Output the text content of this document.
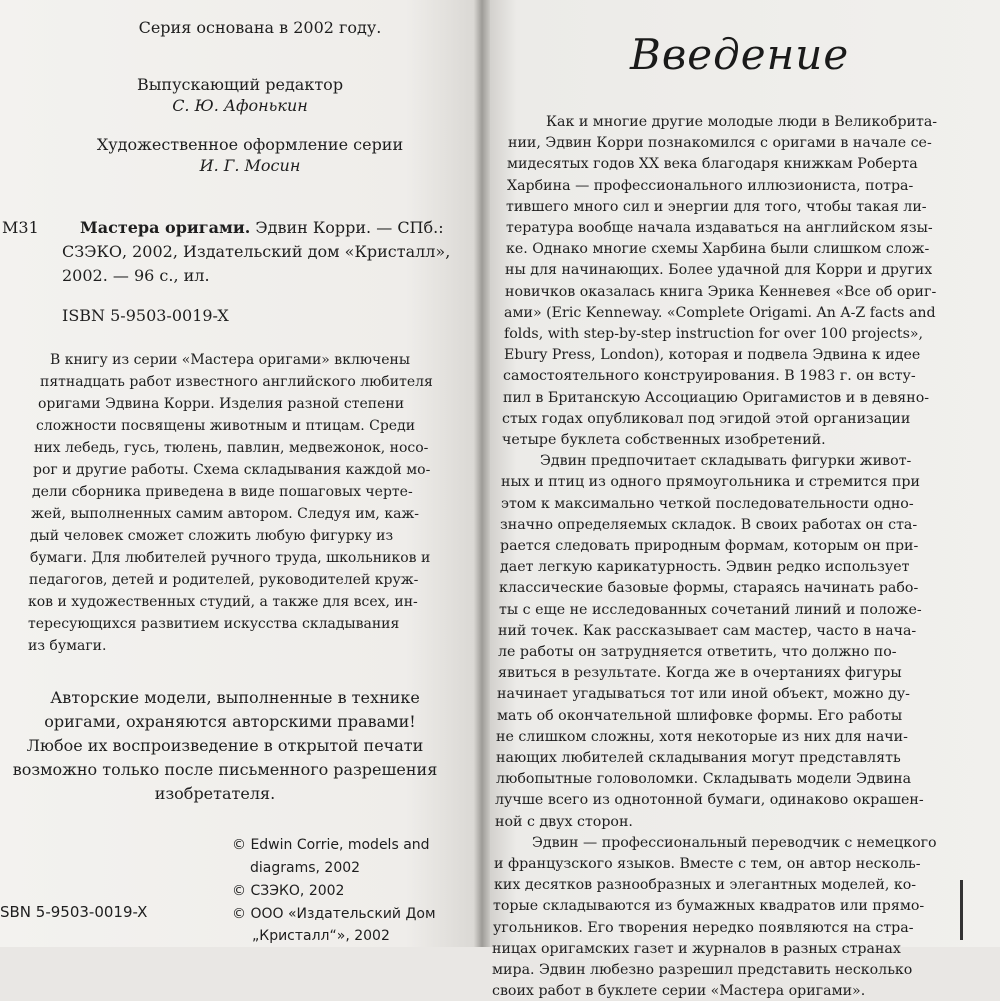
Серия основана в 2002 году.
Выпускающий редактор
С. Ю. Афонькин
Художественное оформление серии
И. Г. Мосин
М31	Мастера оригами. Эдвин Корри. — СПб.:
СЗЭКО, 2002, Издательский дом «Кристалл»,
2002. — 96 с., ил.
ISBN 5-9503-0019-X
В книгу из серии «Мастера оригами» включены
пятнадцать работ известного английского любителя
оригами Эдвина Корри. Изделия разной степени
сложности посвящены животным и птицам. Среди
них лебедь, гусь, тюлень, павлин, медвежонок, носо-
рог и другие работы. Схема складывания каждой мо-
дели сборника приведена в виде пошаговых черте-
жей, выполненных самим автором. Следуя им, каж-
дый человек сможет сложить любую фигурку из
бумаги. Для любителей ручного труда, школьников и
педагогов, детей и родителей, руководителей круж-
ков и художественных студий, а также для всех, ин-
тересующихся развитием искусства складывания
из бумаги.
Авторские модели, выполненные в технике
оригами, охраняются авторскими правами!
Любое их воспроизведение в открытой печати
возможно только после письменного разрешения
изобретателя.
© Edwin Corrie, models and
diagrams, 2002
© СЗЭКО, 2002
© ООО «Издательский Дом
„Кристалл“», 2002
SBN 5-9503-0019-X
Введение
Как и многие другие молодые люди в Великобрита-
нии, Эдвин Корри познакомился с оригами в начале се-
мидесятых годов XX века благодаря книжкам Роберта
Харбина — профессионального иллюзиониста, потра-
тившего много сил и энергии для того, чтобы такая ли-
тература вообще начала издаваться на английском язы-
ке. Однако многие схемы Харбина были слишком слож-
ны для начинающих. Более удачной для Корри и других
новичков оказалась книга Эрика Кенневея «Все об ориг-
ами» (Eric Kenneway. «Complete Origami. An A-Z facts and
folds, with step-by-step instruction for over 100 projects»,
Ebury Press, London), которая и подвела Эдвина к идее
самостоятельного конструирования. В 1983 г. он всту-
пил в Британскую Ассоциацию Оригамистов и в девяно-
стых годах опубликовал под эгидой этой организации
четыре буклета собственных изобретений.
Эдвин предпочитает складывать фигурки живот-
ных и птиц из одного прямоугольника и стремится при
этом к максимально четкой последовательности одно-
значно определяемых складок. В своих работах он ста-
рается следовать природным формам, которым он при-
дает легкую карикатурность. Эдвин редко использует
классические базовые формы, стараясь начинать рабо-
ты с еще не исследованных сочетаний линий и положе-
ний точек. Как рассказывает сам мастер, часто в нача-
ле работы он затрудняется ответить, что должно по-
явиться в результате. Когда же в очертаниях фигуры
начинает угадываться тот или иной объект, можно ду-
мать об окончательной шлифовке формы. Его работы
не слишком сложны, хотя некоторые из них для начи-
нающих любителей складывания могут представлять
любопытные головоломки. Складывать модели Эдвина
лучше всего из однотонной бумаги, одинаково окрашен-
ной с двух сторон.
Эдвин — профессиональный переводчик с немецкого
и французского языков. Вместе с тем, он автор несколь-
ких десятков разнообразных и элегантных моделей, ко-
торые складываются из бумажных квадратов или прямо-
угольников. Его творения нередко появляются на стра-
ницах оригамских газет и журналов в разных странах
мира. Эдвин любезно разрешил представить несколько
своих работ в буклете серии «Мастера оригами».
